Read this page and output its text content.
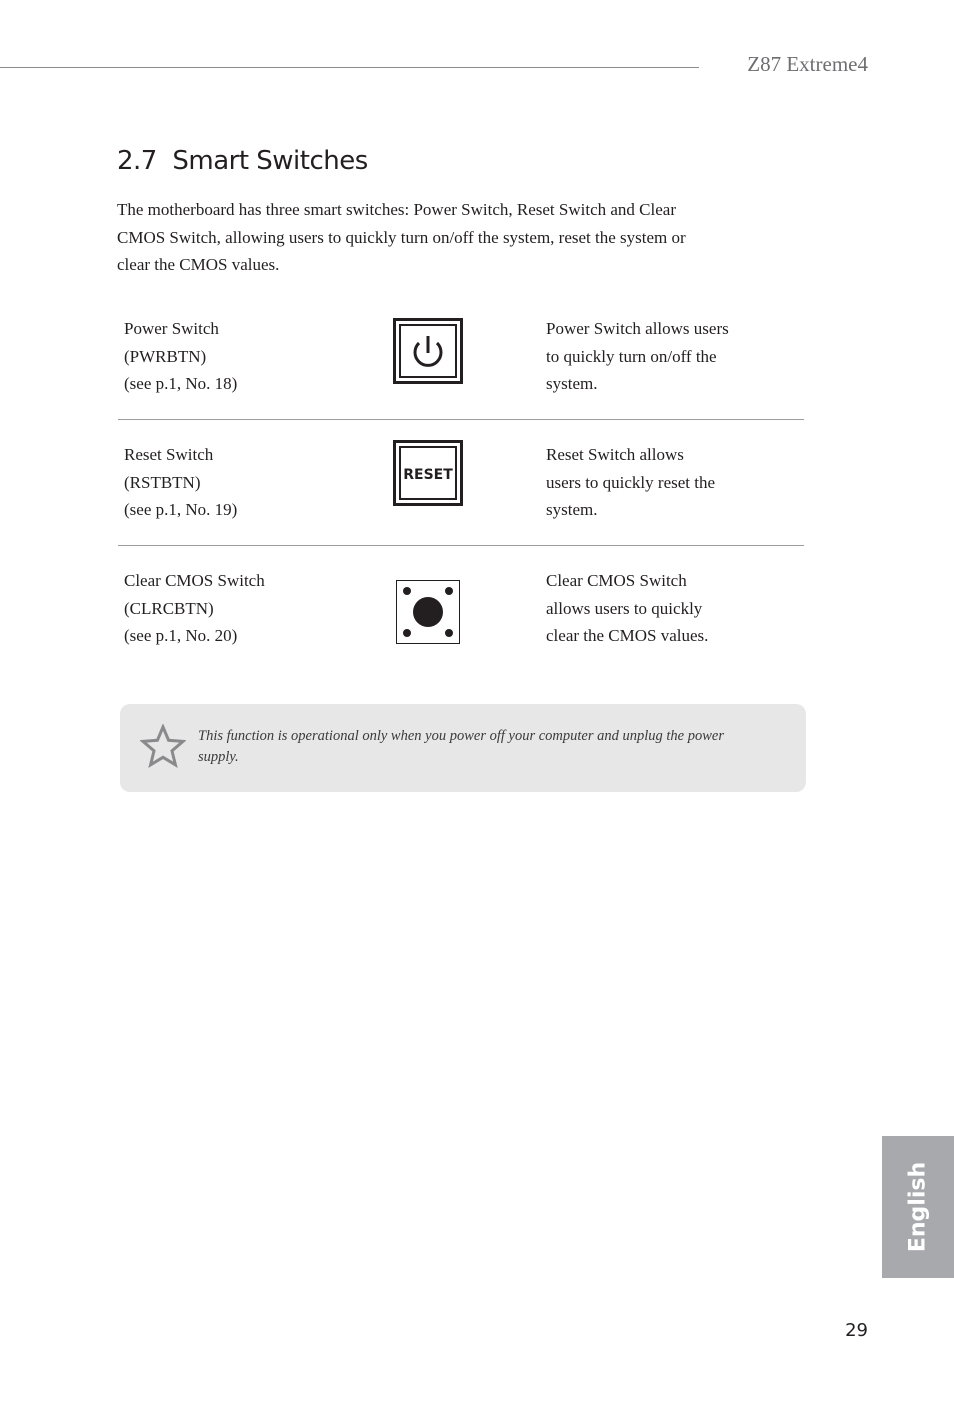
Z87 Extreme4
2.7  Smart Switches
The motherboard has three smart switches: Power Switch, Reset Switch and Clear
CMOS Switch, allowing users to quickly turn on/off the system, reset the system or
clear the CMOS values.
Power Switch
(PWRBTN)
(see p.1, No. 18)
Power Switch allows users
to quickly turn on/off the
system.
Reset Switch
(RSTBTN)
(see p.1, No. 19)
RESET
Reset Switch allows
users to quickly reset the
system.
Clear CMOS Switch
(CLRCBTN)
(see p.1, No. 20)
Clear CMOS Switch
allows users to quickly
clear the CMOS values.
This function is operational only when you power off your computer and unplug the power
supply.
English
29
